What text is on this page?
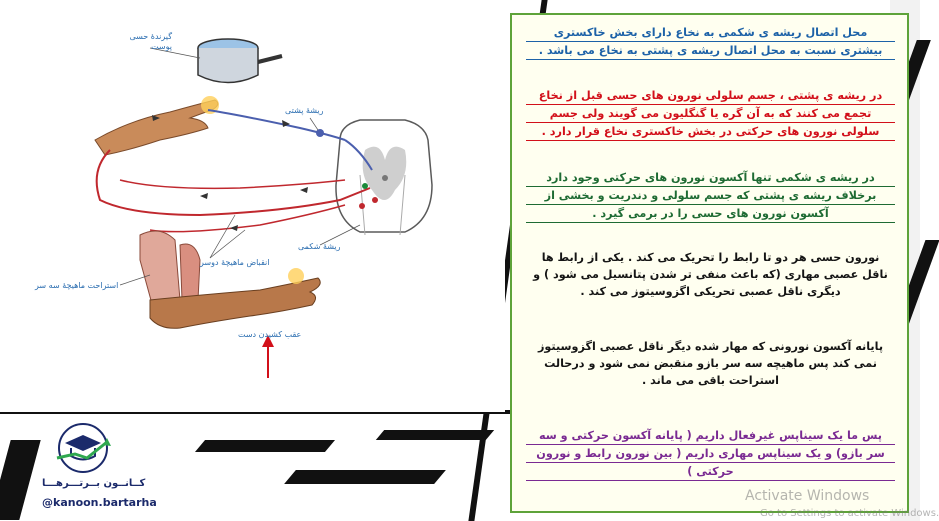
گیرندهٔ حسی پوست
ریشهٔ پشتی
ریشهٔ شکمی
انقباض ماهیچهٔ دوسر
استراحت ماهیچهٔ سه سر
عقب کشیدن دست
محل اتصال ریشه ی شکمی به نخاع دارای بخش خاکستری
بیشتری نسبت به محل اتصال ریشه ی پشتی به نخاع می باشد .
در ریشه ی پشتی ، جسم سلولی نورون های حسی قبل از نخاع
تجمع می کنند که به آن گره یا گنگلیون می گویند ولی جسم
سلولی نورون های حرکتی در بخش خاکستری نخاع قرار دارد .
در ریشه ی شکمی تنها آکسون نورون های حرکتی وجود دارد
برخلاف ریشه ی پشتی که جسم سلولی و دندریت و بخشی از
آکسون نورون های حسی را در برمی گیرد .
نورون حسی هر دو تا رابط را تحریک می کند . یکی از رابط ها
ناقل عصبی مهاری (که باعث منفی تر شدن پتانسیل می شود ) و
دیگری ناقل عصبی تحریکی اگزوسیتوز می کند .
پایانه آکسون نورونی که مهار شده دیگر ناقل عصبی اگزوسیتوز
نمی کند پس ماهیچه سه سر بازو منقبض نمی شود و درحالت
استراحت باقی می ماند .
پس ما یک سیناپس غیرفعال داریم ( پایانه آکسون حرکتی و سه
سر بازو) و یک سیناپس مهاری داریم ( بین نورون رابط و نورون
حرکتی )
کــانــون بــرتـــرهـــا
@kanoon.bartarha	Activate Windows
Go to Settings to activate Windows.
